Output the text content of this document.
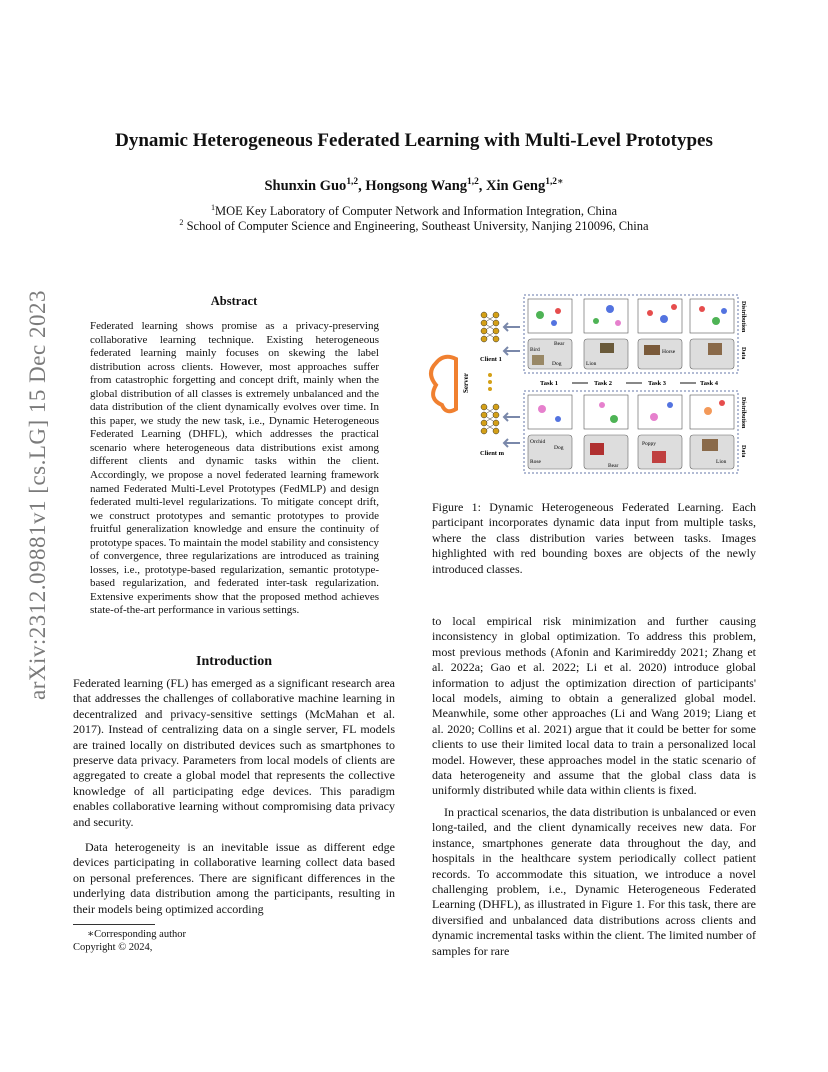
arXiv:2312.09881v1 [cs.LG] 15 Dec 2023
Dynamic Heterogeneous Federated Learning with Multi-Level Prototypes
Shunxin Guo$^{1,2}$, Hongsong Wang$^{1,2}$, Xin Geng$^{1,2∗}$
$^1$MOE Key Laboratory of Computer Network and Information Integration, China
$^2$ School of Computer Science and Engineering, Southeast University, Nanjing 210096, China
Abstract
Federated learning shows promise as a privacy-preserving collaborative learning technique. Existing heterogeneous federated learning mainly focuses on skewing the label distribution across clients. However, most approaches suffer from catastrophic forgetting and concept drift, mainly when the global distribution of all classes is extremely unbalanced and the data distribution of the client dynamically evolves over time. In this paper, we study the new task, i.e., Dynamic Heterogeneous Federated Learning (DHFL), which addresses the practical scenario where heterogeneous data distributions exist among different clients and dynamic tasks within the client. Accordingly, we propose a novel federated learning framework named Federated Multi-Level Prototypes (FedMLP) and design federated multi-level regularizations. To mitigate concept drift, we construct prototypes and semantic prototypes to provide fruitful generalization knowledge and ensure the continuity of prototype spaces. To maintain the model stability and consistency of convergence, three regularizations are introduced as training losses, i.e., prototype-based regularization, semantic prototype-based regularization, and federated inter-task regularization. Extensive experiments show that the proposed method achieves state-of-the-art performance in various settings.
Introduction
Federated learning (FL) has emerged as a significant research area that addresses the challenges of collaborative machine learning in decentralized and privacy-sensitive settings (McMahan et al. 2017). Instead of centralizing data on a single server, FL models are trained locally on distributed devices such as smartphones to preserve data privacy. Parameters from local models of clients are aggregated to create a global model that represents the collective knowledge of all participating edge devices. This paradigm enables collaborative learning without compromising data privacy and security.
Data heterogeneity is an inevitable issue as different edge devices participating in collaborative learning collect data based on personal preferences. There are significant differences in the underlying data distribution among the participants, resulting in their models being optimized according
∗Corresponding author
Copyright © 2024,
Server
Client 1
Client m
Bird
Bear
Dog	Lion
Horse
Task 1	Task 2	Task 3	Task 4
Orchid
Dog
Rose
Bear
Poppy
Lion
Distribution
Data
Distribution
Data
Figure 1: Dynamic Heterogeneous Federated Learning. Each participant incorporates dynamic data input from multiple tasks, where the class distribution varies between tasks. Images highlighted with red bounding boxes are objects of the newly introduced classes.
to local empirical risk minimization and further causing inconsistency in global optimization. To address this problem, most previous methods (Afonin and Karimireddy 2021; Zhang et al. 2022a; Gao et al. 2022; Li et al. 2020) introduce global information to adjust the optimization direction of participants' local models, aiming to obtain a generalized global model. Meanwhile, some other approaches (Li and Wang 2019; Liang et al. 2020; Collins et al. 2021) argue that it could be better for some clients to use their limited local data to train a personalized local model. However, these approaches model in the static scenario of data heterogeneity and assume that the global class data is uniformly distributed while data within clients is fixed.
In practical scenarios, the data distribution is unbalanced or even long-tailed, and the client dynamically receives new data. For instance, smartphones generate data throughout the day, and hospitals in the healthcare system periodically collect patient records. To accommodate this situation, we introduce a novel challenging problem, i.e., Dynamic Heterogeneous Federated Learning (DHFL), as illustrated in Figure 1. For this task, there are diversified and unbalanced data distributions across clients and dynamic incremental tasks within the client. The limited number of samples for rare
